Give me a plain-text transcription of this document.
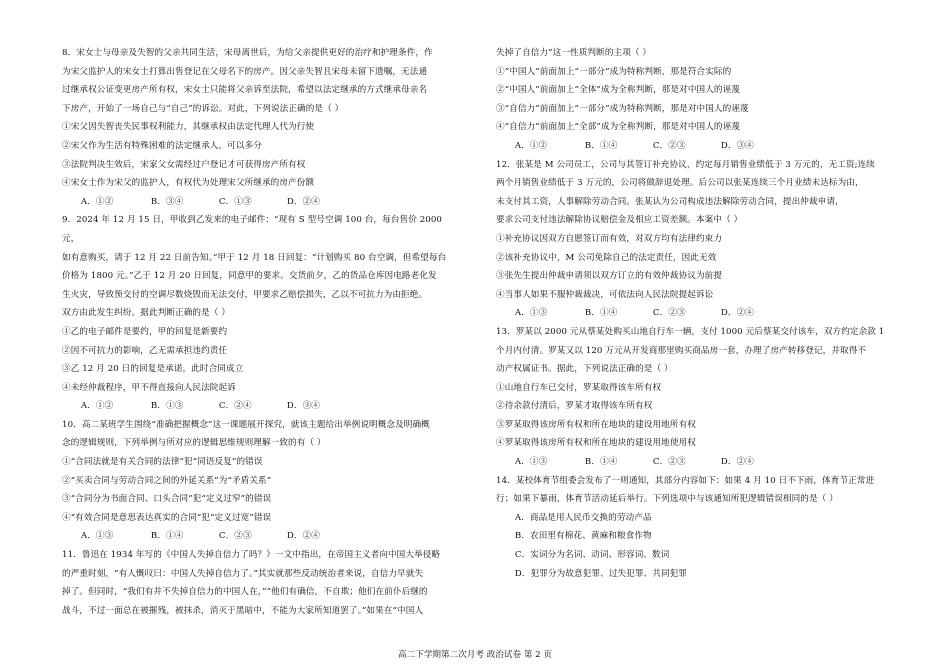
8．宋女士与母亲及失智的父亲共同生活，宋母离世后，为给父亲提供更好的治疗和护理条件，作

为宋父监护人的宋女士打算出售登记在父母名下的房产。因父亲失智且宋母未留下遗嘱，无法通

过继承权公证变更房产所有权，宋女士只能将父亲诉至法院，希望以法定继承的方式继承母亲名

下房产，开始了一场自己与“自己”的诉讼。对此，下列说法正确的是（ ）

①宋父因失智丧失民事权利能力，其继承权由法定代理人代为行使

②宋父作为生活有特殊困难的法定继承人，可以多分

③法院判决生效后，宋家父女需经过户登记才可获得房产所有权

④宋女士作为宋父的监护人，有权代为处理宋父所继承的房产份额

A．①②	B．③④	C．①③	D．②④

9．2024 年 12 月 15 日，甲收到乙发来的电子邮件：“现有 S 型号空调 100 台，每台售价 2000 元，

如有意购买，请于 12 月 22 日前告知。”甲于 12 月 18 日回复：“计划购买 80 台空调，但希望每台

价格为 1800 元。”乙于 12 月 20 日回复，同意甲的要求。交货前夕，乙的货品仓库因电路老化发

生火灾，导致预交付的空调尽数烧毁而无法交付，甲要求乙赔偿损失，乙以不可抗力为由拒绝。

双方由此发生纠纷。据此判断正确的是（ ）

①乙的电子邮件是要约，甲的回复是新要约

②因不可抗力的影响，乙无需承担违约责任

③乙 12 月 20 日的回复是承诺，此时合同成立

④未经仲裁程序，甲不得直接向人民法院起诉

A．①②	B．①③	C．②④	D．③④

10．高二某班学生围绕“准确把握概念”这一课题展开探究，就该主题给出举例说明概念及明确概

念的逻辑规则，下列举例与所对应的逻辑思维规则理解一致的有（ ）

①“合同法就是有关合同的法律”犯“同语反复”的错误

②“买卖合同与劳动合同之间的外延关系”为“矛盾关系”

③“合同分为书面合同、口头合同”犯“定义过窄”的错误

④“有效合同是意思表达真实的合同”犯“定义过宽”错误

A．①③	B．①④	C．②③	D．②④

11．鲁迅在 1934 年写的《中国人失掉自信力了吗？》一文中指出，在帝国主义者向中国大举侵略

的严重时刻，“有人慨叹曰：中国人失掉自信力了。”其实就那些反动统治者来说，自信力早就失

掉了。但同时，“我们有并不失掉自信力的中国人在，”“他们有确信，不自欺；他们在前仆后继的

战斗，不过一面总在被摧残，被抹杀，消灭于黑暗中，不能为大家所知道罢了。”如果在“中国人

失掉了自信力”这一性质判断的主项（ ）

①“中国人”前面加上“一部分”成为特称判断，那是符合实际的

②“中国人”前面加上“全体”成为全称判断，那是对中国人的诬蔑

③“自信力”前面加上“一部分”成为特称判断，那是对中国人的诬蔑

④“自信力”前面加上“全部”成为全称判断，那是对中国人的诬蔑

A．①②	B．①④	C．②③	D．③④

12．张某是 M 公司员工，公司与其签订补充协议，约定每月销售业绩低于 3 万元的，无工资;连续

两个月销售业绩低于 3 万元的，公司将做辞退处理。后公司以张某连续三个月业绩未达标为由，

未支付其工资，人事解除劳动合同。张某认为公司构成违法解除劳动合同，提出仲裁申请，

要求公司支付违法解除协议赔偿金及相应工资差额。本案中（ ）

①补充协议因双方自愿签订而有效，对双方均有法律约束力

②该补充协议中，M 公司免除自己的法定责任，因此无效

③张先生提出仲裁申请须以双方订立的有效仲裁协议为前提

④当事人如果不服仲裁裁决，可依法向人民法院提起诉讼

A．①③	B．①④	C．②③	D．②④

13．罗某以 2000 元从蔡某处购买山地自行车一辆，支付 1000 元后蔡某交付该车，双方约定余款 1

个月内付清。罗某又以 120 万元从开发商那里购买商品房一套，办理了房产转移登记，并取得不

动产权属证书。据此，下列说法正确的是（ ）

①山地自行车已交付，罗某取得该车所有权

②待余款付清后，罗某才取得该车所有权

③罗某取得该房所有权和所在地块的建设用地所有权

④罗某取得该房所有权和所在地块的建设用地使用权

A．①③	B．①④	C．②③	D．②④

14．某校体育节组委会发布了一则通知，其部分内容如下：如果 4 月 10 日不下雨，体育节正常进

行；如果下暴雨，体育节活动延后举行。下列选项中与该通知所犯逻辑错误相同的是（ ）

A．商品是用人民币交换的劳动产品

B．农田里有棉花、黄麻和粮食作物

C．实词分为名词、动词、形容词、数词

D．犯罪分为故意犯罪、过失犯罪、共同犯罪

高二下学期第二次月考 政治试卷 第 2 页
